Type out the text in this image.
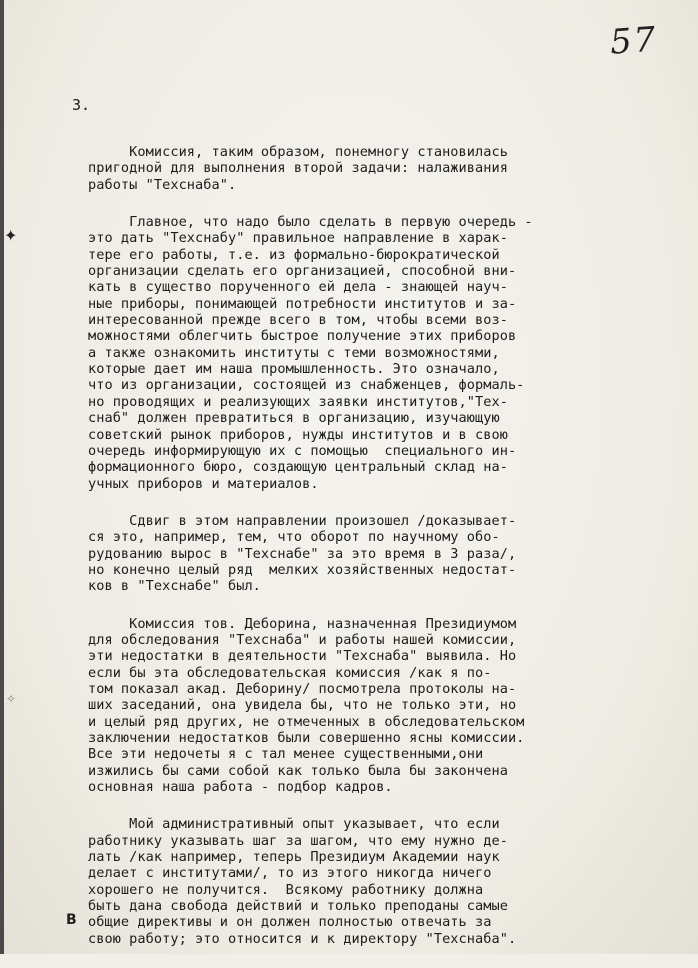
57
3.
✦
✧
Комиссия, таким образом, понемногу становилась
пригодной для выполнения второй задачи: налаживания
работы "Техснаба".
Главное, что надо было сделать в первую очередь -
это дать "Техснабу" правильное направление в харак-
тере его работы, т.е. из формально-бюрократической
организации сделать его организацией, способной вни-
кать в существо порученного ей дела - знающей науч-
ные приборы, понимающей потребности институтов и за-
интересованной прежде всего в том, чтобы всеми воз-
можностями облегчить быстрое получение этих приборов
а также ознакомить институты с теми возможностями,
которые дает им наша промышленность. Это означало,
что из организации, состоящей из снабженцев, формаль-
но проводящих и реализующих заявки институтов,"Тех-
снаб" должен превратиться в организацию, изучающую
советский рынок приборов, нужды институтов и в свою
очередь информирующую их с помощью  специального ин-
формационного бюро, создающую центральный склад на-
учных приборов и материалов.
Сдвиг в этом направлении произошел /доказывает-
ся это, например, тем, что оборот по научному обо-
рудованию вырос в "Техснабе" за это время в 3 раза/,
но конечно целый ряд  мелких хозяйственных недостат-
ков в "Техснабе" был.
Комиссия тов. Деборина, назначенная Президиумом
для обследования "Техснаба" и работы нашей комиссии,
эти недостатки в деятельности "Техснаба" выявила. Но
если бы эта обследовательская комиссия /как я по-
том показал акад. Деборину/ посмотрела протоколы на-
ших заседаний, она увидела бы, что не только эти, но
и целый ряд других, не отмеченных в обследовательском
заключении недостатков были совершенно ясны комиссии.
Все эти недочеты я с тал менее существенными,они
изжились бы сами собой как только была бы закончена
основная наша работа - подбор кадров.
Мой административный опыт указывает, что если
работнику указывать шаг за шагом, что ему нужно де-
лать /как например, теперь Президиум Академии наук
делает с институтами/, то из этого никогда ничего
хорошего не получится.  Всякому работнику должна
быть дана свобода действий и только преподаны самые
общие директивы и он должен полностью отвечать за
свою работу; это относится и к директору "Техснаба".
В
